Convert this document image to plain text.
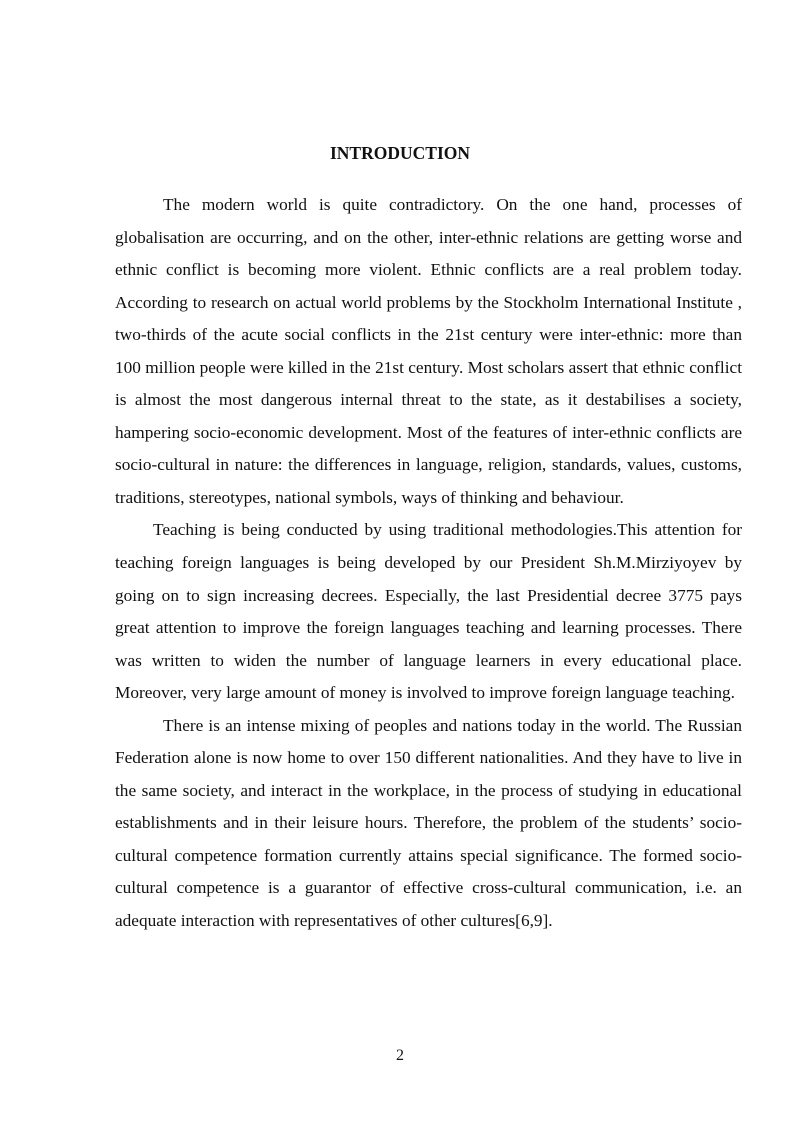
INTRODUCTION

The modern world is quite contradictory. On the one hand, processes of globalisation are occurring, and on the other, inter-ethnic relations are getting worse and ethnic conflict is becoming more violent. Ethnic conflicts are a real problem today. According to research on actual world problems by the Stockholm International Institute , two-thirds of the acute social conflicts in the 21st century were inter-ethnic: more than 100 million people were killed in the 21st century. Most scholars assert that ethnic conflict is almost the most dangerous internal threat to the state, as it destabilises a society, hampering socio-economic development. Most of the features of inter-ethnic conflicts are socio-cultural in nature: the differences in language, religion, standards, values, customs, traditions, stereotypes, national symbols, ways of thinking and behaviour.

Teaching is being conducted by using traditional methodologies.This attention for teaching foreign languages is being developed by our President Sh.M.Mirziyoyev by going on to sign increasing decrees. Especially, the last Presidential decree 3775 pays great attention to improve the foreign languages teaching and learning processes. There was written to widen the number of language learners in every educational place. Moreover, very large amount of money is involved to improve foreign language teaching.

There is an intense mixing of peoples and nations today in the world. The Russian Federation alone is now home to over 150 different nationalities. And they have to live in the same society, and interact in the workplace, in the process of studying in educational establishments and in their leisure hours. Therefore, the problem of the students’ socio-cultural competence formation currently attains special significance. The formed socio-cultural competence is a guarantor of effective cross-cultural communication, i.e. an adequate interaction with representatives of other cultures[6,9].

2
